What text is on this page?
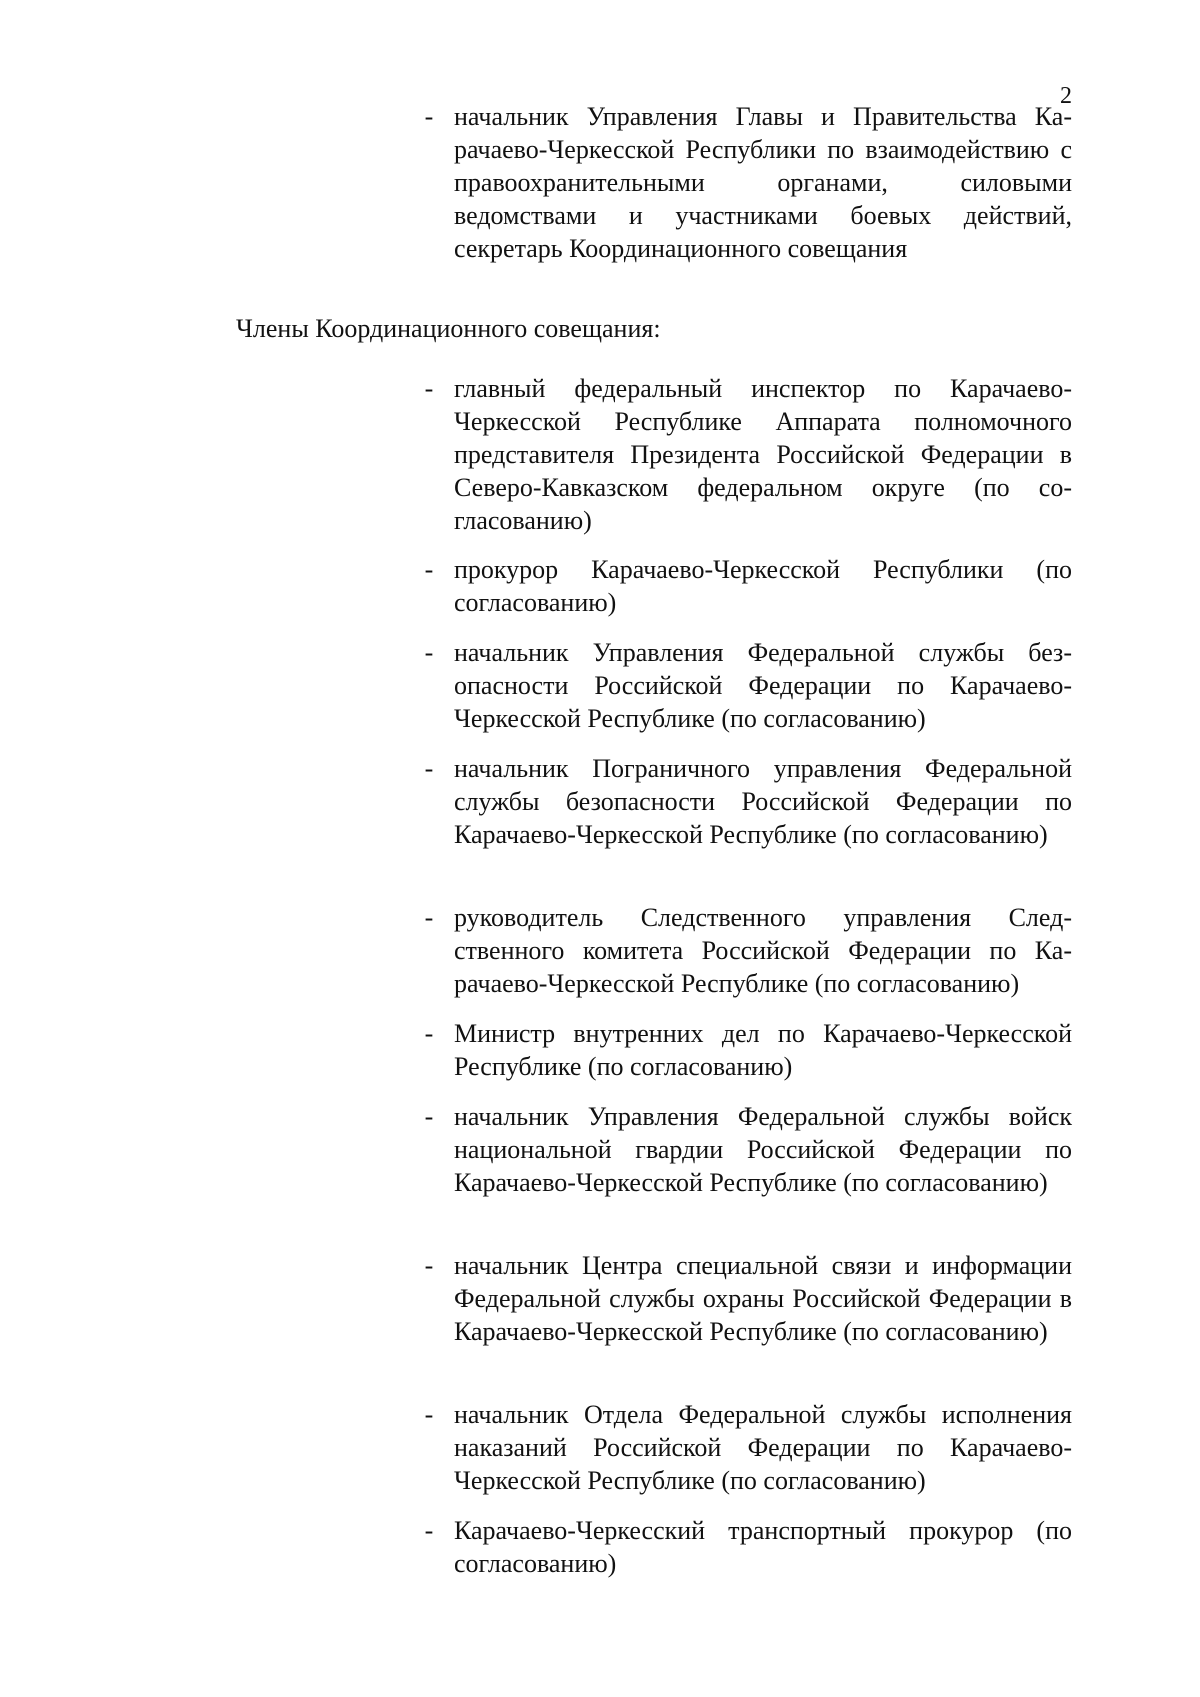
2
- начальник Управления Главы и Правительства Карачаево-Черкесской Республики по взаимодействию с правоохранительными органами, силовыми ведомствами и участниками боевых действий, секретарь Координационного совещания
Члены Координационного совещания:
- главный федеральный инспектор по Карачаево-Черкесской Республике Аппарата полномочного представителя Президента Российской Федерации в Северо-Кавказском федеральном округе (по согласованию)
- прокурор Карачаево-Черкесской Республики (по согласованию)
- начальник Управления Федеральной службы безопасности Российской Федерации по Карачаево-Черкесской Республике (по согласованию)
- начальник Пограничного управления Федеральной службы безопасности Российской Федерации по Карачаево-Черкесской Республике (по согласованию)
- руководитель Следственного управления Следственного комитета Российской Федерации по Карачаево-Черкесской Республике (по согласованию)
- Министр внутренних дел по Карачаево-Черкесской Республике (по согласованию)
- начальник Управления Федеральной службы войск национальной гвардии Российской Федерации по Карачаево-Черкесской Республике (по согласованию)
- начальник Центра специальной связи и информации Федеральной службы охраны Российской Федерации в Карачаево-Черкесской Республике (по согласованию)
- начальник Отдела Федеральной службы исполнения наказаний Российской Федерации по Карачаево-Черкесской Республике (по согласованию)
- Карачаево-Черкесский транспортный прокурор (по согласованию)
